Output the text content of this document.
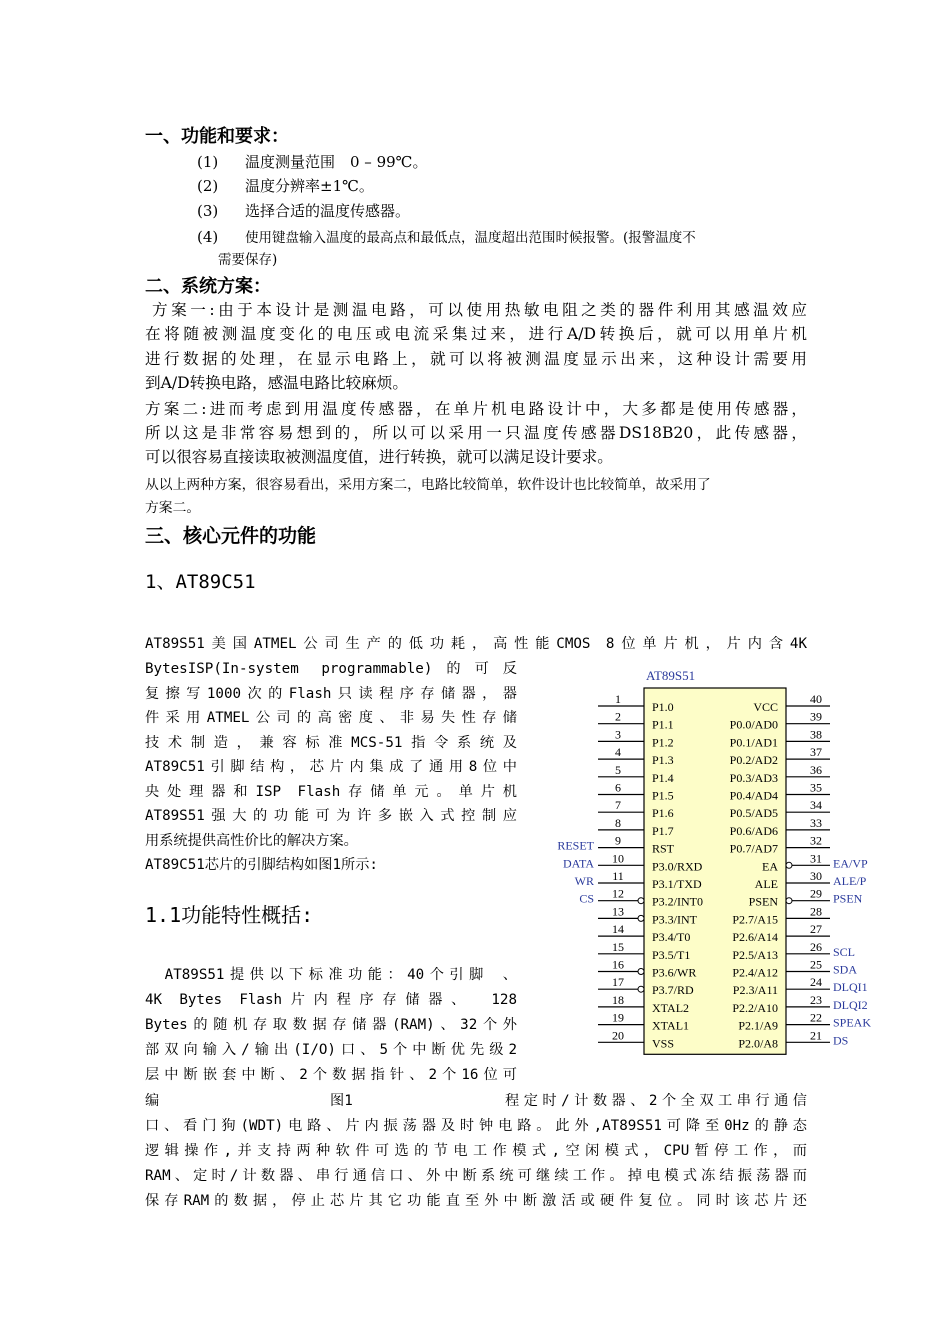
一、功能和要求：
(1) 温度测量范围　0 – 99℃。
(2) 温度分辨率±1℃。
(3) 选择合适的温度传感器。
(4) 使用键盘输入温度的最高点和最低点，温度超出范围时候报警。(报警温度不
需要保存)
二、系统方案：
方案一:由于本设计是测温电路，可以使用热敏电阻之类的器件利用其感温效应
在将随被测温度变化的电压或电流采集过来，进行A/D转换后，就可以用单片机
进行数据的处理，在显示电路上，就可以将被测温度显示出来，这种设计需要用
到A/D转换电路，感温电路比较麻烦。
方案二:进而考虑到用温度传感器，在单片机电路设计中，大多都是使用传感器，
所以这是非常容易想到的，所以可以采用一只温度传感器DS18B20，此传感器，
可以很容易直接读取被测温度值，进行转换，就可以满足设计要求。
从以上两种方案，很容易看出，采用方案二，电路比较简单，软件设计也比较简单，故采用了
方案二。
三、核心元件的功能
1、AT89C51
AT89S51美国ATMEL公司生产的低功耗，高性能CMOS 8位单片机，片内含4K
BytesISP(In-system programmable)的可反
复擦写1000次的Flash只读程序存储器，器
件采用ATMEL公司的高密度、非易失性存储
技术制造，兼容标准MCS-51指令系统及
AT89C51引脚结构，芯片内集成了通用8位中
央处理器和ISP Flash存储单元。单片机
AT89S51强大的功能可为许多嵌入式控制应
用系统提供高性价比的解决方案。
AT89C51芯片的引脚结构如图1所示:
1.1功能特性概括:
　AT89S51提供以下标准功能：40个引脚 、
4K Bytes Flash片内程序存储器、 128
Bytes的随机存取数据存储器(RAM)、32个外
部双向输入/输出(I/O)口、5个中断优先级2
层中断嵌套中断、2个数据指针、2个16位可
编	图1	程定时/计数器、2个全双工串行通信
口、看门狗(WDT)电路、片内振荡器及时钟电路。此外,AT89S51可降至0Hz的静态
逻辑操作,并支持两种软件可选的节电工作模式,空闲模式，CPU暂停工作，而
RAM、定时/计数器、串行通信口、外中断系统可继续工作。掉电模式冻结振荡器而
保存RAM的数据，停止芯片其它功能直至外中断激活或硬件复位。同时该芯片还
AT89S51
1
P1.0
2
P1.1
3
P1.2
4
P1.3
5
P1.4
6
P1.5
7
P1.6
8
P1.7
9
RST
RESET
10
P3.0/RXD
DATA
11
P3.1/TXD
WR
12
P3.2/INT0
CS
13
P3.3/INT
14
P3.4/T0
15
P3.5/T1
16
P3.6/WR
17
P3.7/RD
18
XTAL2
19
XTAL1
20
VSS
40
VCC
39
P0.0/AD0
38
P0.1/AD1
37
P0.2/AD2
36
P0.3/AD3
35
P0.4/AD4
34
P0.5/AD5
33
P0.6/AD6
32
P0.7/AD7
31
EA	EA/VP
30
ALE	ALE/P
29
PSEN	PSEN
28
P2.7/A15
27
P2.6/A14
26
P2.5/A13	SCL
25
P2.4/A12	SDA
24
P2.3/A11	DLQI1
23
P2.2/A10	DLQI2
22
P2.1/A9	SPEAK
21
P2.0/A8	DS
